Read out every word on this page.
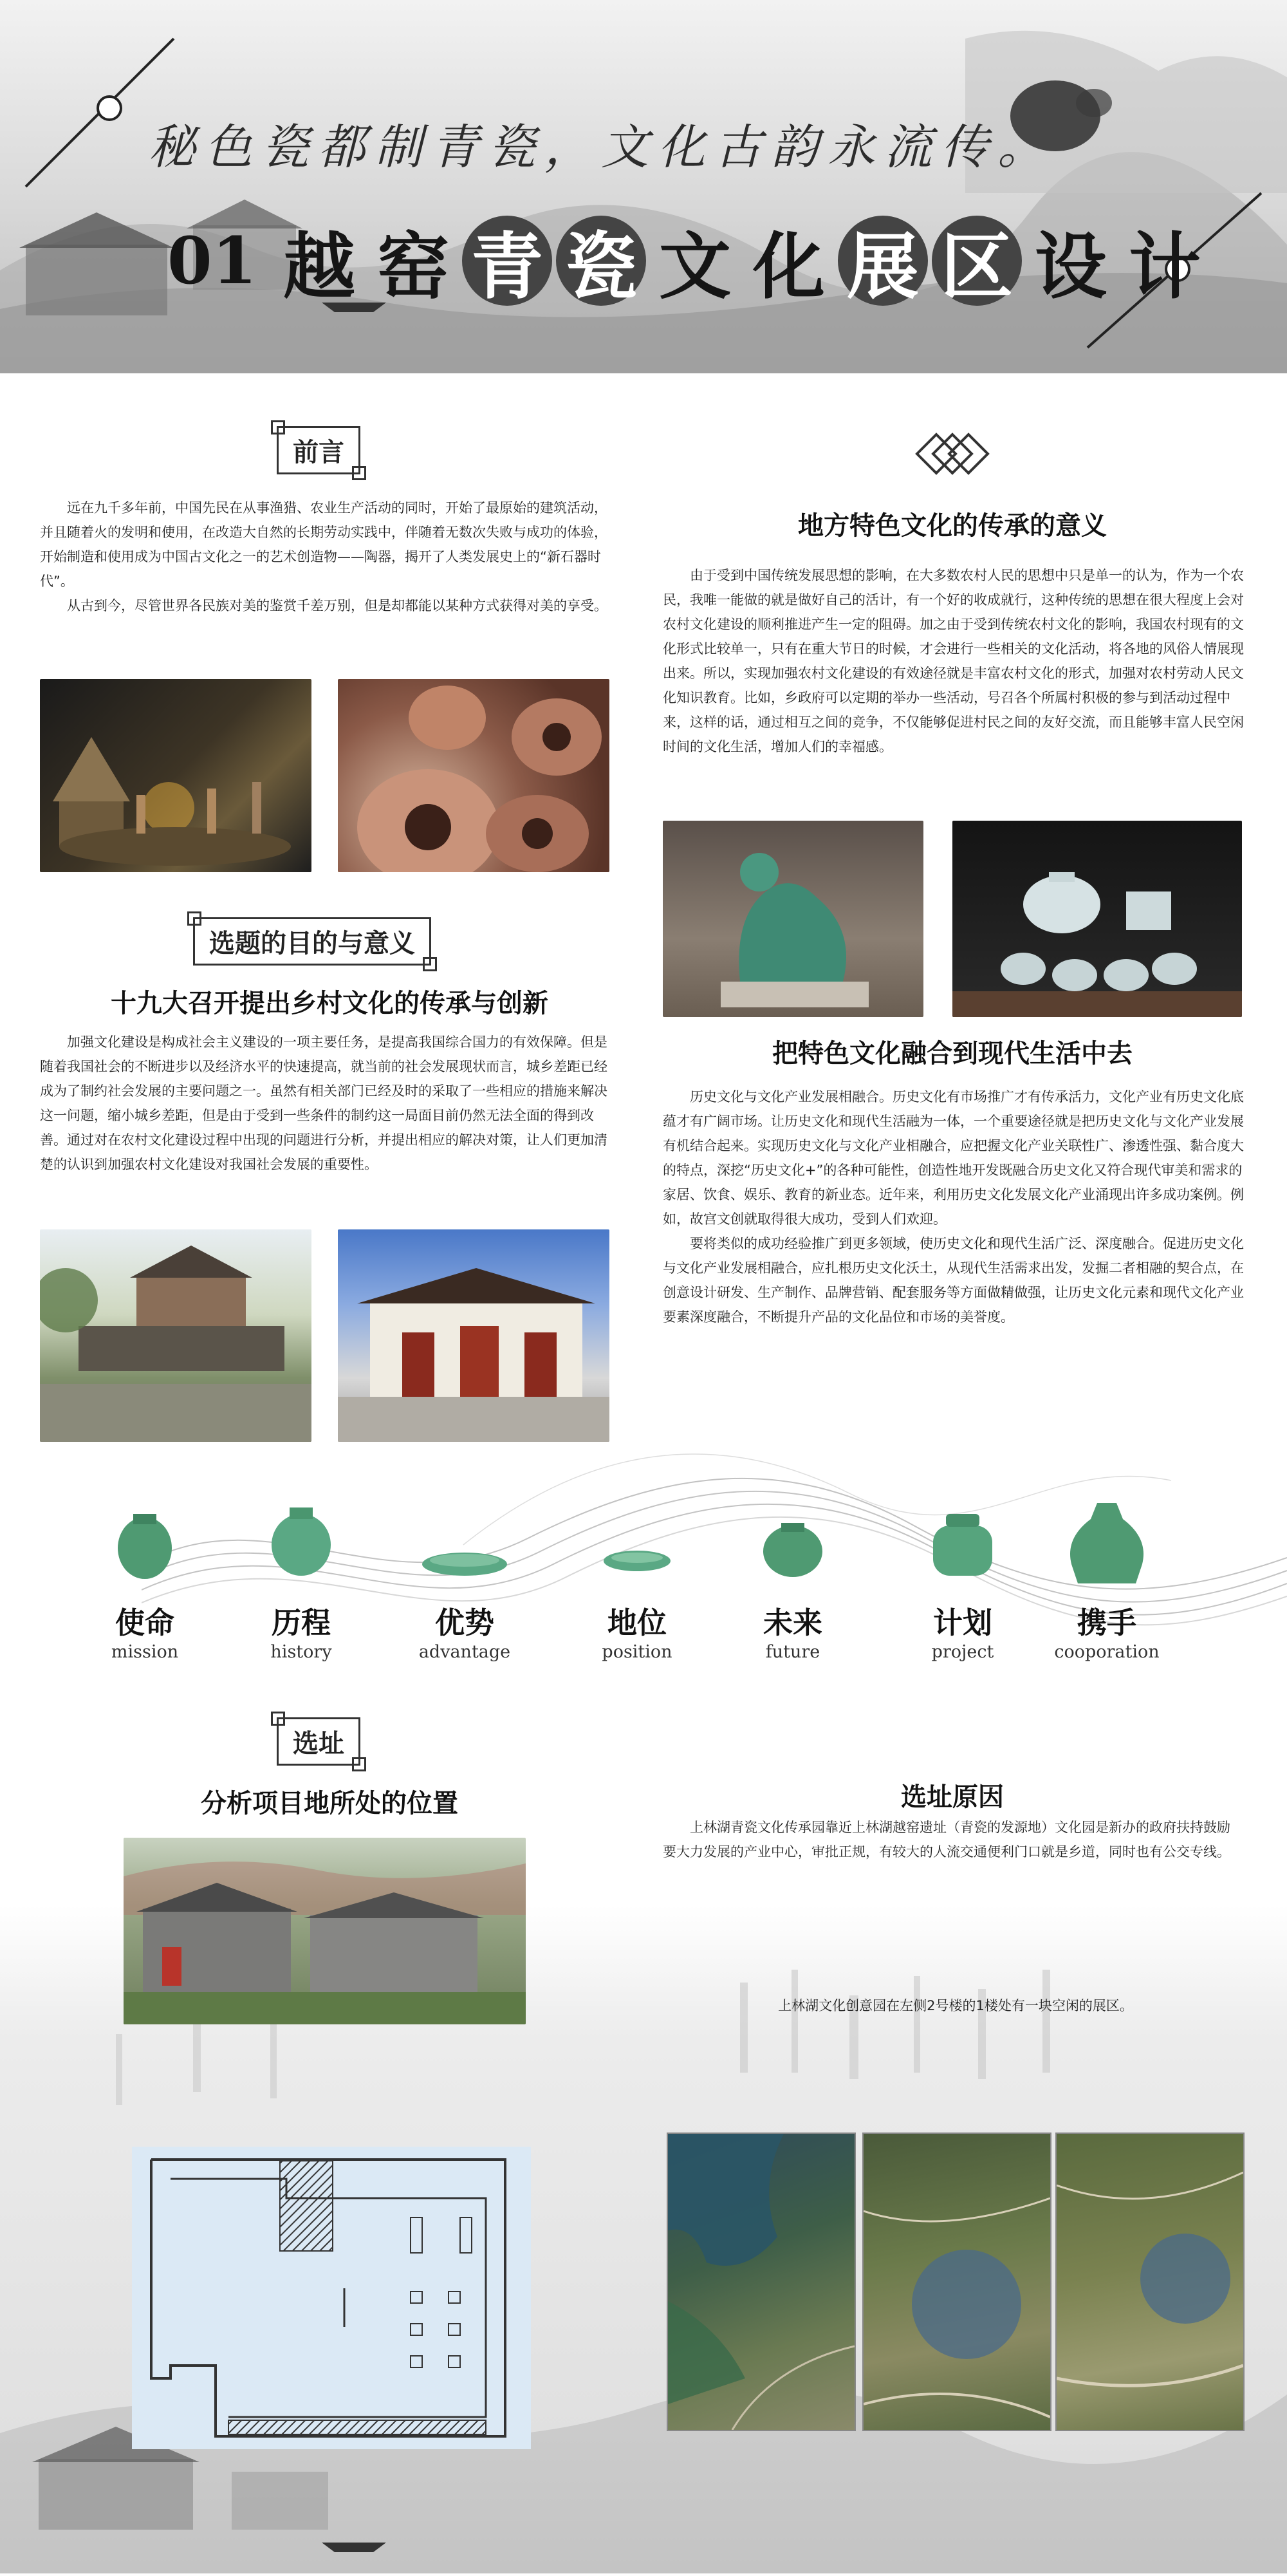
秘色瓷都制青瓷，文化古韵永流传。
01 越 窑 青 瓷 文 化 展 区 设 计
前言

远在九千多年前，中国先民在从事渔猎、农业生产活动的同时，开始了最原始的建筑活动，并且随着火的发明和使用，在改造大自然的长期劳动实践中，伴随着无数次失败与成功的体验，开始制造和使用成为中国古文化之一的艺术创造物——陶器，揭开了人类发展史上的“新石器时代”。

从古到今，尽管世界各民族对美的鉴赏千差万别，但是却都能以某种方式获得对美的享受。

地方特色文化的传承的意义

由于受到中国传统发展思想的影响，在大多数农村人民的思想中只是单一的认为，作为一个农民，我唯一能做的就是做好自己的活计，有一个好的收成就行，这种传统的思想在很大程度上会对农村文化建设的顺利推进产生一定的阻碍。加之由于受到传统农村文化的影响，我国农村现有的文化形式比较单一，只有在重大节日的时候，才会进行一些相关的文化活动，将各地的风俗人情展现出来。所以，实现加强农村文化建设的有效途径就是丰富农村文化的形式，加强对农村劳动人民文化知识教育。比如，乡政府可以定期的举办一些活动，号召各个所属村积极的参与到活动过程中来，这样的话，通过相互之间的竞争，不仅能够促进村民之间的友好交流，而且能够丰富人民空闲时间的文化生活，增加人们的幸福感。

选题的目的与意义
十九大召开提出乡村文化的传承与创新

加强文化建设是构成社会主义建设的一项主要任务，是提高我国综合国力的有效保障。但是随着我国社会的不断进步以及经济水平的快速提高，就当前的社会发展现状而言，城乡差距已经成为了制约社会发展的主要问题之一。虽然有相关部门已经及时的采取了一些相应的措施来解决这一问题，缩小城乡差距，但是由于受到一些条件的制约这一局面目前仍然无法全面的得到改善。通过对在农村文化建设过程中出现的问题进行分析，并提出相应的解决对策，让人们更加清楚的认识到加强农村文化建设对我国社会发展的重要性。

把特色文化融合到现代生活中去

历史文化与文化产业发展相融合。历史文化有市场推广才有传承活力，文化产业有历史文化底蕴才有广阔市场。让历史文化和现代生活融为一体，一个重要途径就是把历史文化与文化产业发展有机结合起来。实现历史文化与文化产业相融合，应把握文化产业关联性广、渗透性强、黏合度大的特点，深挖“历史文化+”的各种可能性，创造性地开发既融合历史文化又符合现代审美和需求的家居、饮食、娱乐、教育的新业态。近年来，利用历史文化发展文化产业涌现出许多成功案例。例如，故宫文创就取得很大成功，受到人们欢迎。

要将类似的成功经验推广到更多领域，使历史文化和现代生活广泛、深度融合。促进历史文化与文化产业发展相融合，应扎根历史文化沃土，从现代生活需求出发，发掘二者相融的契合点，在创意设计研发、生产制作、品牌营销、配套服务等方面做精做强，让历史文化元素和现代文化产业要素深度融合，不断提升产品的文化品位和市场的美誉度。

使命
mission
历程
history
优势
advantage
地位
position
未来
future
计划
project
携手
cooporation
选址
分析项目地所处的位置	选址原因

上林湖青瓷文化传承园靠近上林湖越窑遗址（青瓷的发源地）文化园是新办的政府扶持鼓励要大力发展的产业中心，审批正规，有较大的人流交通便利门口就是乡道，同时也有公交专线。

上林湖文化创意园在左侧2号楼的1楼处有一块空闲的展区。
